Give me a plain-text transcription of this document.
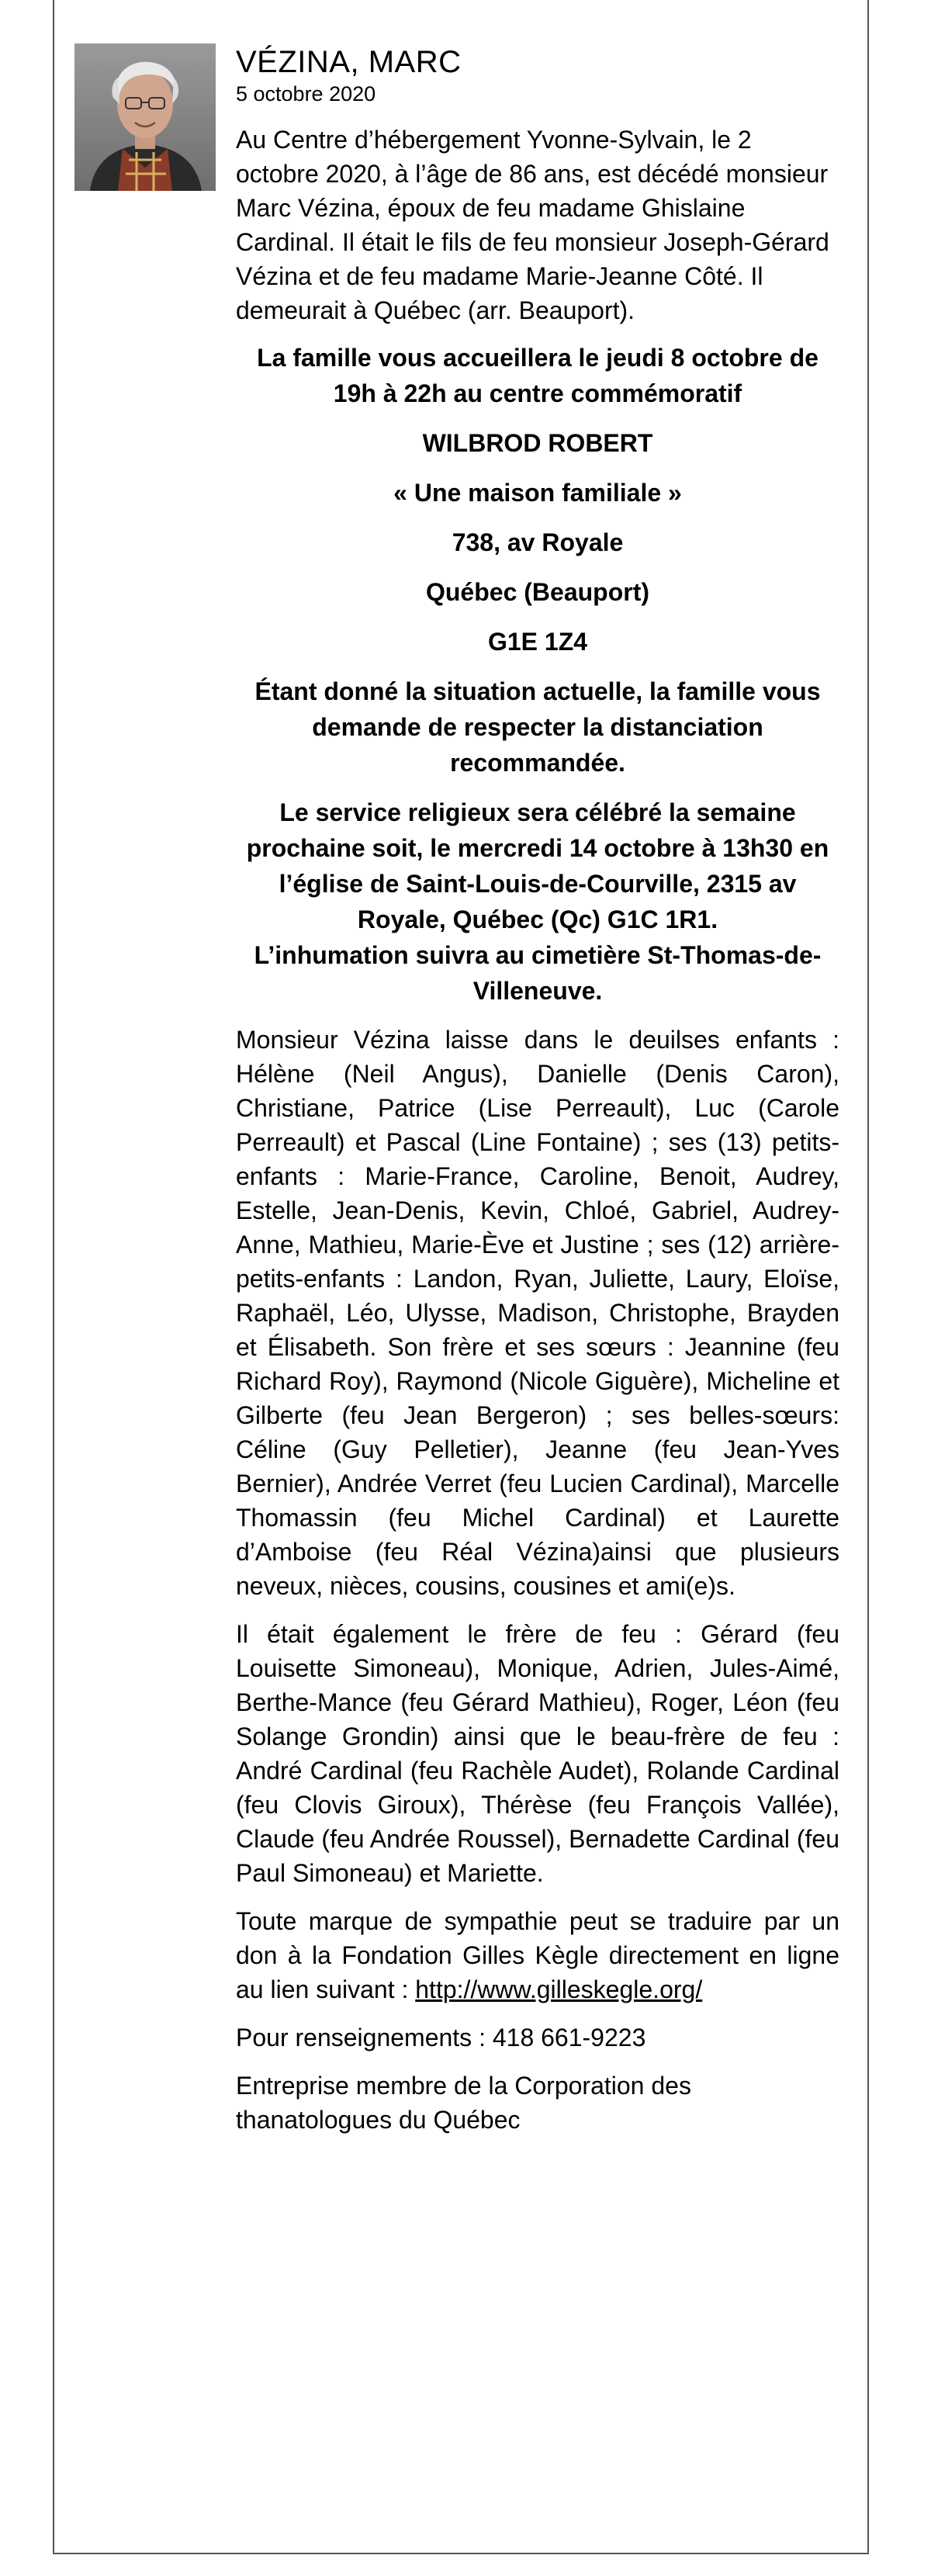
VÉZINA, MARC
5 octobre 2020

Au Centre d’hébergement Yvonne-Sylvain, le 2 octobre 2020, à l’âge de 86 ans, est décédé monsieur Marc Vézina, époux de feu madame Ghislaine Cardinal. Il était le fils de feu monsieur Joseph-Gérard Vézina et de feu madame Marie-Jeanne Côté. Il demeurait à Québec (arr. Beauport).

La famille vous accueillera le jeudi 8 octobre de 19h à 22h au centre commémoratif

WILBROD ROBERT

« Une maison familiale »

738, av Royale

Québec (Beauport)

G1E 1Z4

Étant donné la situation actuelle, la famille vous demande de respecter la distanciation recommandée.

Le service religieux sera célébré la semaine prochaine soit, le mercredi 14 octobre à 13h30 en l’église de Saint-Louis-de-Courville, 2315 av Royale, Québec (Qc) G1C 1R1.

L’inhumation suivra au cimetière St-Thomas-de-Villeneuve.

Monsieur Vézina laisse dans le deuilses enfants : Hélène (Neil Angus), Danielle (Denis Caron), Christiane, Patrice (Lise Perreault), Luc (Carole Perreault) et Pascal (Line Fontaine) ; ses (13) petits-enfants : Marie-France, Caroline, Benoit, Audrey, Estelle, Jean-Denis, Kevin, Chloé, Gabriel, Audrey-Anne, Mathieu, Marie-Ève et Justine ; ses (12) arrière-petits-enfants : Landon, Ryan, Juliette, Laury, Eloïse, Raphaël, Léo, Ulysse, Madison, Christophe, Brayden et Élisabeth. Son frère et ses sœurs : Jeannine (feu Richard Roy), Raymond (Nicole Giguère), Micheline et Gilberte (feu Jean Bergeron) ; ses belles-sœurs: Céline (Guy Pelletier), Jeanne (feu Jean-Yves Bernier), Andrée Verret (feu Lucien Cardinal), Marcelle Thomassin (feu Michel Cardinal) et Laurette d’Amboise (feu Réal Vézina)ainsi que plusieurs neveux, nièces, cousins, cousines et ami(e)s.

Il était également le frère de feu : Gérard (feu Louisette Simoneau), Monique, Adrien, Jules-Aimé, Berthe-Mance (feu Gérard Mathieu), Roger, Léon (feu Solange Grondin) ainsi que le beau-frère de feu : André Cardinal (feu Rachèle Audet), Rolande Cardinal (feu Clovis Giroux), Thérèse (feu François Vallée), Claude (feu Andrée Roussel), Bernadette Cardinal (feu Paul Simoneau) et Mariette.

Toute marque de sympathie peut se traduire par un don à la Fondation Gilles Kègle directement en ligne au lien suivant : http://www.gilleskegle.org/

Pour renseignements : 418 661-9223

Entreprise membre de la Corporation des thanatologues du Québec
